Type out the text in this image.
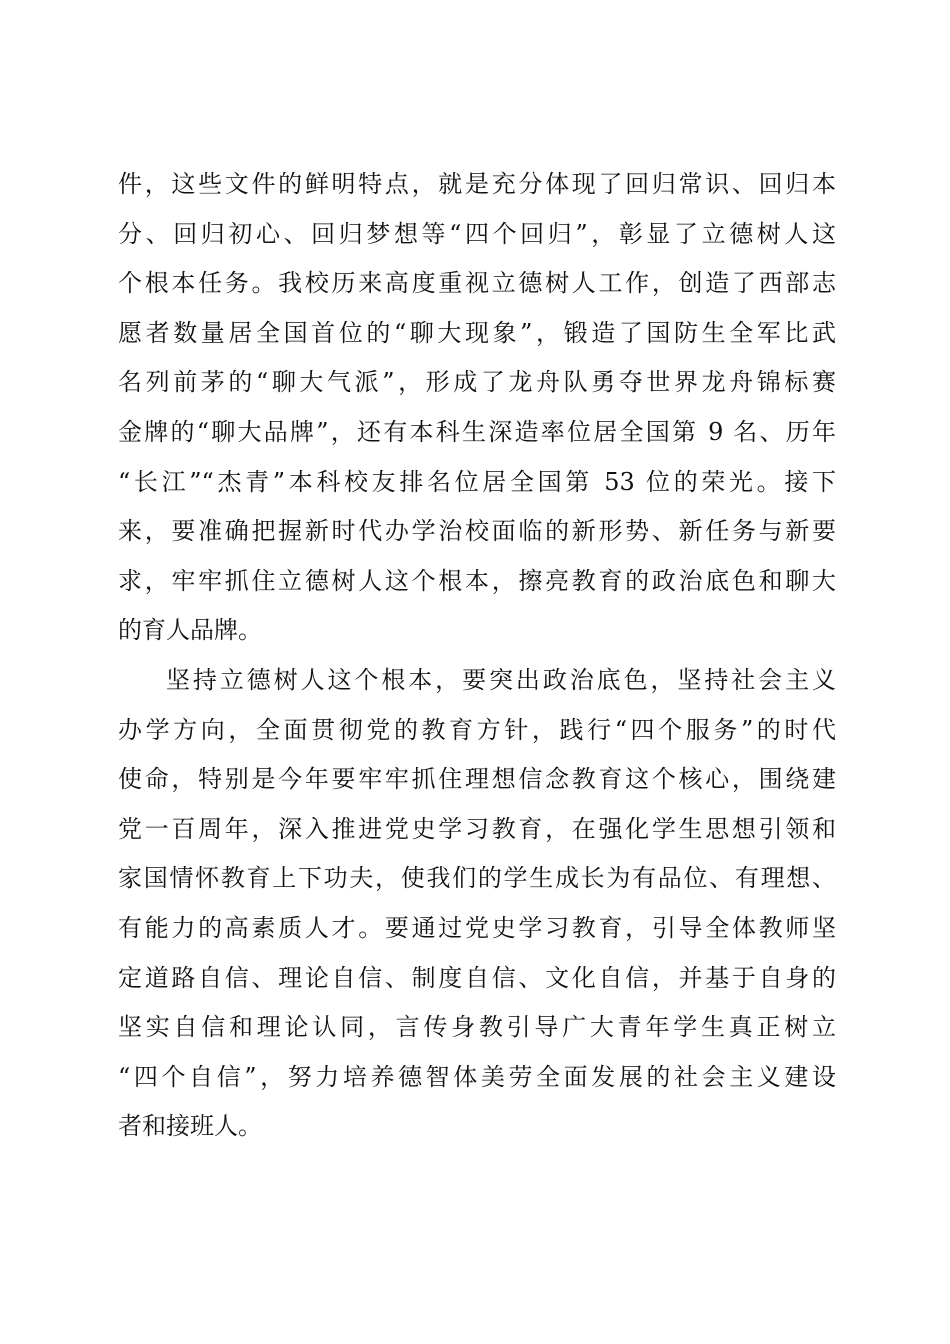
件，这些文件的鲜明特点，就是充分体现了回归常识、回归本
分、回归初心、回归梦想等“四个回归”，彰显了立德树人这
个根本任务。我校历来高度重视立德树人工作，创造了西部志
愿者数量居全国首位的“聊大现象”，锻造了国防生全军比武
名列前茅的“聊大气派”，形成了龙舟队勇夺世界龙舟锦标赛
金牌的“聊大品牌”，还有本科生深造率位居全国第 9 名、历年
“长江”“杰青”本科校友排名位居全国第 53 位的荣光。接下
来，要准确把握新时代办学治校面临的新形势、新任务与新要
求，牢牢抓住立德树人这个根本，擦亮教育的政治底色和聊大
的育人品牌。
坚持立德树人这个根本，要突出政治底色，坚持社会主义
办学方向，全面贯彻党的教育方针，践行“四个服务”的时代
使命，特别是今年要牢牢抓住理想信念教育这个核心，围绕建
党一百周年，深入推进党史学习教育，在强化学生思想引领和
家国情怀教育上下功夫，使我们的学生成长为有品位、有理想、
有能力的高素质人才。要通过党史学习教育，引导全体教师坚
定道路自信、理论自信、制度自信、文化自信，并基于自身的
坚实自信和理论认同，言传身教引导广大青年学生真正树立
“四个自信”，努力培养德智体美劳全面发展的社会主义建设
者和接班人。
